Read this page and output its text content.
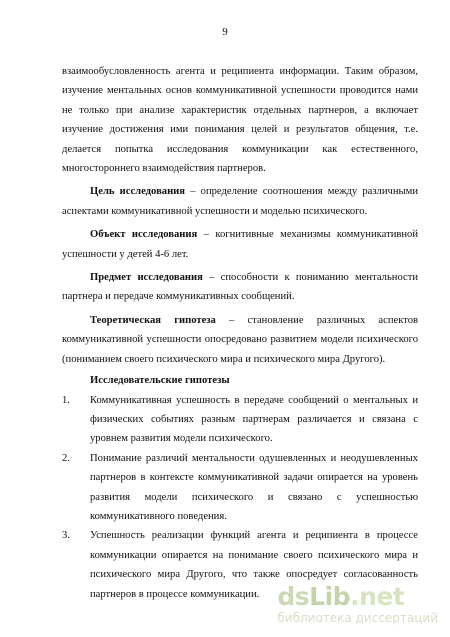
9
взаимообусловленность агента и реципиента информации. Таким образом, изучение ментальных основ коммуникативной успешности проводится нами не только при анализе характеристик отдельных партнеров, а включает изучение достижения ими понимания целей и результатов общения, т.е. делается попытка исследования коммуникации как естественного, многостороннего взаимодействия партнеров.
Цель исследования – определение соотношения между различными аспектами коммуникативной успешности и моделью психического.
Объект исследования – когнитивные механизмы коммуникативной успешности у детей 4-6 лет.
Предмет исследования – способности к пониманию ментальности партнера и передаче коммуникативных сообщений.
Теоретическая гипотеза – становление различных аспектов коммуникативной успешности опосредовано развитием модели психического (пониманием своего психического мира и психического мира Другого).
Исследовательские гипотезы
1. Коммуникативная успешность в передаче сообщений о ментальных и физических событиях разным партнерам различается и связана с уровнем развития модели психического.
2. Понимание различий ментальности одушевленных и неодушевленных партнеров в контексте коммуникативной задачи опирается на уровень развития модели психического и связано с успешностью коммуникативного поведения.
3. Успешность реализации функций агента и реципиента в процессе коммуникации опирается на понимание своего психического мира и психического мира Другого, что также опосредует согласованность партнеров в процессе коммуникации. dsLib.net
библиотека диссертаций
